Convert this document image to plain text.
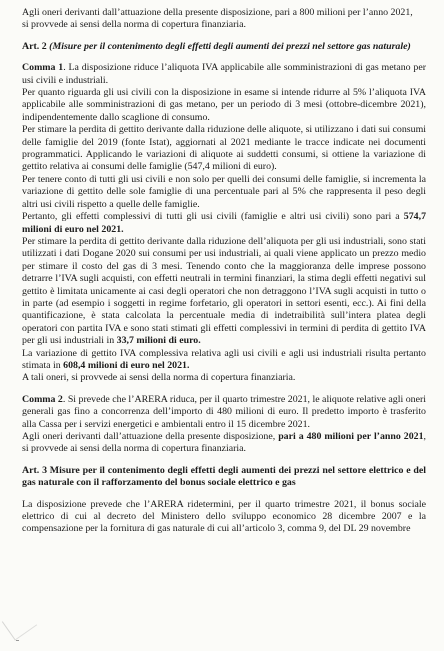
Agli oneri derivanti dall’attuazione della presente disposizione, pari a 800 milioni per l’anno 2021,
si provvede ai sensi della norma di copertura finanziaria.

Art. 2 (Misure per il contenimento degli effetti degli aumenti dei prezzi nel settore gas naturale)

Comma 1. La disposizione riduce l’aliquota IVA applicabile alle somministrazioni di gas metano per usi civili e industriali.

Per quanto riguarda gli usi civili con la disposizione in esame si intende ridurre al 5% l’aliquota IVA applicabile alle somministrazioni di gas metano, per un periodo di 3 mesi (ottobre-dicembre 2021), indipendentemente dallo scaglione di consumo.

Per stimare la perdita di gettito derivante dalla riduzione delle aliquote, si utilizzano i dati sui consumi delle famiglie del 2019 (fonte Istat), aggiornati al 2021 mediante le tracce indicate nei documenti programmatici. Applicando le variazioni di aliquote ai suddetti consumi, si ottiene la variazione di gettito relativa ai consumi delle famiglie (547,4 milioni di euro).

Per tenere conto di tutti gli usi civili e non solo per quelli dei consumi delle famiglie, si incrementa la variazione di gettito delle sole famiglie di una percentuale pari al 5% che rappresenta il peso degli altri usi civili rispetto a quelle delle famiglie.

Pertanto, gli effetti complessivi di tutti gli usi civili (famiglie e altri usi civili) sono pari a 574,7 milioni di euro nel 2021.

Per stimare la perdita di gettito derivante dalla riduzione dell’aliquota per gli usi industriali, sono stati utilizzati i dati Dogane 2020 sui consumi per usi industriali, ai quali viene applicato un prezzo medio per stimare il costo del gas di 3 mesi. Tenendo conto che la maggioranza delle imprese possono detrarre l’IVA sugli acquisti, con effetti neutrali in termini finanziari, la stima degli effetti negativi sul gettito è limitata unicamente ai casi degli operatori che non detraggono l’IVA sugli acquisti in tutto o in parte (ad esempio i soggetti in regime forfetario, gli operatori in settori esenti, ecc.). Ai fini della quantificazione, è stata calcolata la percentuale media di indetraibilità sull’intera platea degli operatori con partita IVA e sono stati stimati gli effetti complessivi in termini di perdita di gettito IVA per gli usi industriali in 33,7 milioni di euro.

La variazione di gettito IVA complessiva relativa agli usi civili e agli usi industriali risulta pertanto stimata in 608,4 milioni di euro nel 2021.

A tali oneri, si provvede ai sensi della norma di copertura finanziaria.

Comma 2. Si prevede che l’ARERA riduca, per il quarto trimestre 2021, le aliquote relative agli oneri generali gas fino a concorrenza dell’importo di 480 milioni di euro. Il predetto importo è trasferito alla Cassa per i servizi energetici e ambientali entro il 15 dicembre 2021.

Agli oneri derivanti dall’attuazione della presente disposizione, pari a 480 milioni per l’anno 2021, si provvede ai sensi della norma di copertura finanziaria.

Art. 3 Misure per il contenimento degli effetti degli aumenti dei prezzi nel settore elettrico e del gas naturale con il rafforzamento del bonus sociale elettrico e gas

La disposizione prevede che l’ARERA ridetermini, per il quarto trimestre 2021, il bonus sociale elettrico di cui al decreto del Ministero dello sviluppo economico 28 dicembre 2007 e la compensazione per la fornitura di gas naturale di cui all’articolo 3, comma 9, del DL 29 novembre
